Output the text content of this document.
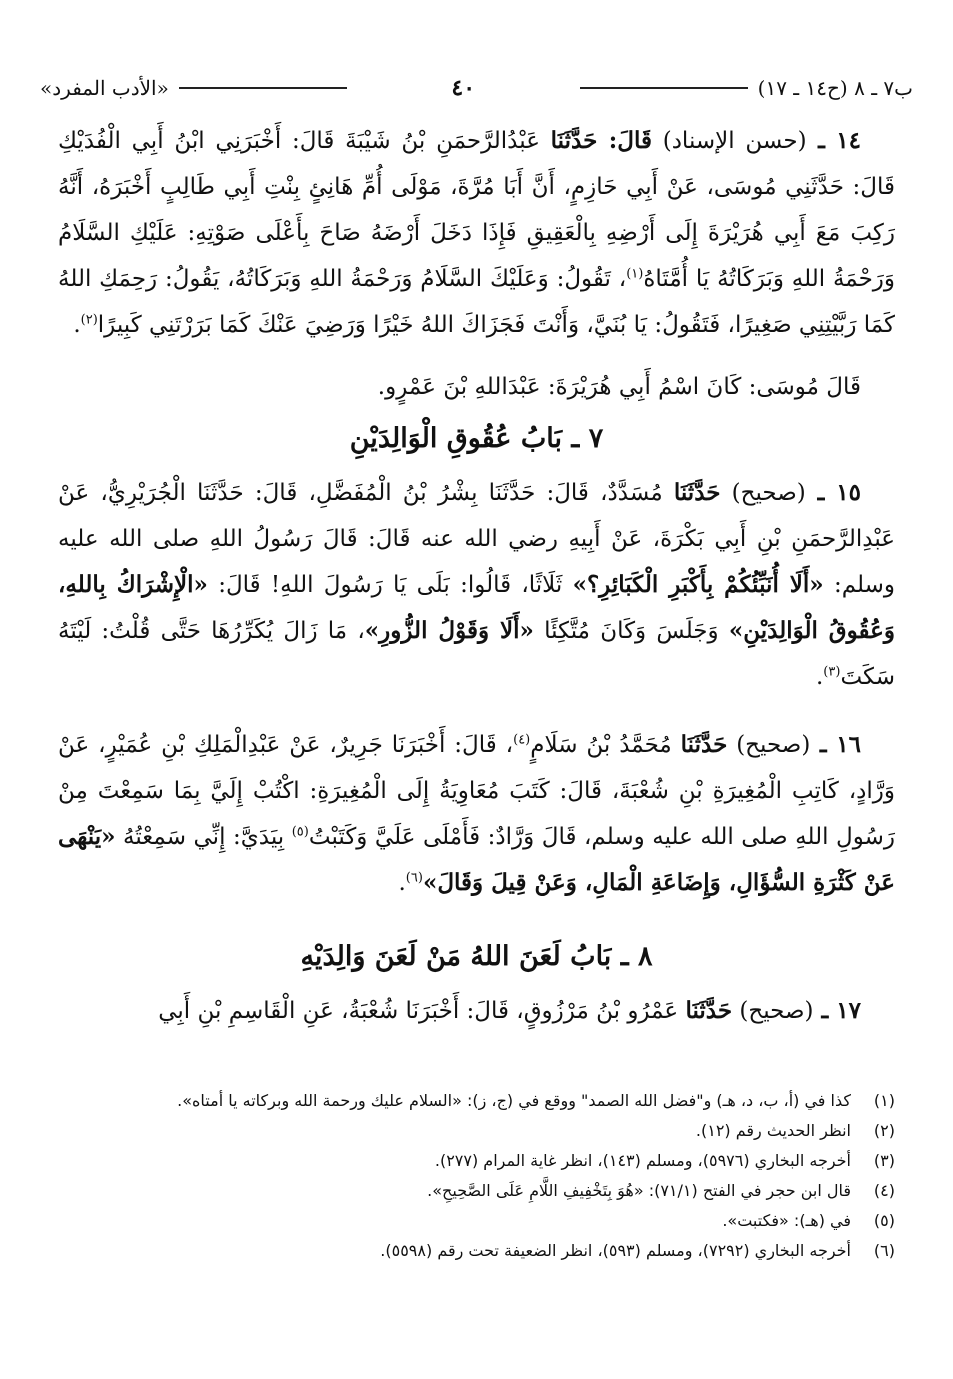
ب٧ ـ ٨ (ح١٤ ـ ١٧)
٤٠
«الأدب المفرد»

١٤ ـ (حسن الإسناد) قَالَ: حَدَّثَنَا عَبْدُالرَّحمَنِ بْنُ شَيْبَةَ قَالَ: أَخْبَرَنِي ابْنُ أَبِي الْفُدَيْكِ قَالَ: حَدَّثَنِي مُوسَى، عَنْ أَبِي حَازِمٍ، أَنَّ أَبَا مُرَّةَ، مَوْلَى أُمِّ هَانِئٍ بِنْتِ أَبِي طَالِبٍ أَخْبَرَهُ، أَنَّهُ رَكِبَ مَعَ أَبِي هُرَيْرَةَ إِلَى أَرْضِهِ بِالْعَقِيقِ فَإِذَا دَخَلَ أَرْضَهُ صَاحَ بِأَعْلَى صَوْتِهِ: عَلَيْكِ السَّلَامُ وَرَحْمَةُ اللهِ وَبَرَكَاتُهُ يَا أُمَّتَاهُ$^{(١)}$، تَقُولُ: وَعَلَيْكَ السَّلَامُ وَرَحْمَةُ اللهِ وَبَرَكَاتُهُ، يَقُولُ: رَحِمَكِ اللهُ كَمَا رَبَّيْتِنِي صَغِيرًا، فَتَقُولُ: يَا بُنَيَّ، وَأَنْتَ فَجَزَاكَ اللهُ خَيْرًا وَرَضِيَ عَنْكَ كَمَا بَرَرْتَنِي كَبِيرًا$^{(٢)}$.

قَالَ مُوسَى: كَانَ اسْمُ أَبِي هُرَيْرَةَ: عَبْدَاللهِ بْنَ عَمْرٍو.

٧ ـ بَابُ عُقُوقِ الْوَالِدَيْنِ

١٥ ـ (صحيح) حَدَّثَنَا مُسَدَّدٌ، قَالَ: حَدَّثَنَا بِشْرُ بْنُ الْمُفَضَّلِ، قَالَ: حَدَّثَنَا الْجُرَيْرِيُّ، عَنْ عَبْدِالرَّحمَنِ بْنِ أَبِي بَكْرَةَ، عَنْ أَبِيهِ رضي الله عنه قَالَ: قَالَ رَسُولُ اللهِ صلى الله عليه وسلم: «أَلَا أُنَبِّئُكُمْ بِأَكْبَرِ الْكَبَائِرِ؟» ثَلَاثًا، قَالُوا: بَلَى يَا رَسُولَ اللهِ! قَالَ: «الْإِشْرَاكُ بِاللهِ، وَعُقُوقُ الْوَالِدَيْنِ» وَجَلَسَ وَكَانَ مُتَّكِئًا «أَلَا وَقَوْلُ الزُّورِ»، مَا زَالَ يُكَرِّرُهَا حَتَّى قُلْتُ: لَيْتَهُ سَكَتَ$^{(٣)}$.

١٦ ـ (صحيح) حَدَّثَنَا مُحَمَّدُ بْنُ سَلَامٍ$^{(٤)}$، قَالَ: أَخْبَرَنَا جَرِيرٌ، عَنْ عَبْدِالْمَلِكِ بْنِ عُمَيْرٍ، عَنْ وَرَّادٍ، كَاتِبِ الْمُغِيرَةِ بْنِ شُعْبَةَ، قَالَ: كَتَبَ مُعَاوِيَةُ إِلَى الْمُغِيرَةِ: اكْتُبْ إِلَيَّ بِمَا سَمِعْتَ مِنْ رَسُولِ اللهِ صلى الله عليه وسلم، قَالَ وَرَّادٌ: فَأَمْلَى عَلَيَّ وَكَتَبْتُ$^{(٥)}$ بِيَدَيَّ: إِنِّي سَمِعْتُهُ «يَنْهَى عَنْ كَثْرَةِ السُّؤَالِ، وَإِضَاعَةِ الْمَالِ، وَعَنْ قِيلَ وَقَالَ»$^{(٦)}$.

٨ ـ بَابُ لَعَنَ اللهُ مَنْ لَعَنَ وَالِدَيْهِ

١٧ ـ (صحيح) حَدَّثَنَا عَمْرُو بْنُ مَرْزُوقٍ، قَالَ: أَخْبَرَنَا شُعْبَةُ، عَنِ الْقَاسِمِ بْنِ أَبِي

(١)
كذا في (أ، ب، د، هـ) و"فضل الله الصمد" ووقع في (ج، ز): «السلام عليك ورحمة الله وبركاته يا أمتاه».
(٢)
انظر الحديث رقم (١٢).
(٣)
أخرجه البخاري (٥٩٧٦)، ومسلم (١٤٣)، انظر غاية المرام (٢٧٧).
(٤)
قال ابن حجر في الفتح (٧١/١): «هُوَ بِتَخْفِيفِ اللَّامِ عَلَى الصَّحِيحِ».
(٥)
في (هـ): «فكتبت».
(٦)
أخرجه البخاري (٧٢٩٢)، ومسلم (٥٩٣)، انظر الضعيفة تحت رقم (٥٥٩٨).
